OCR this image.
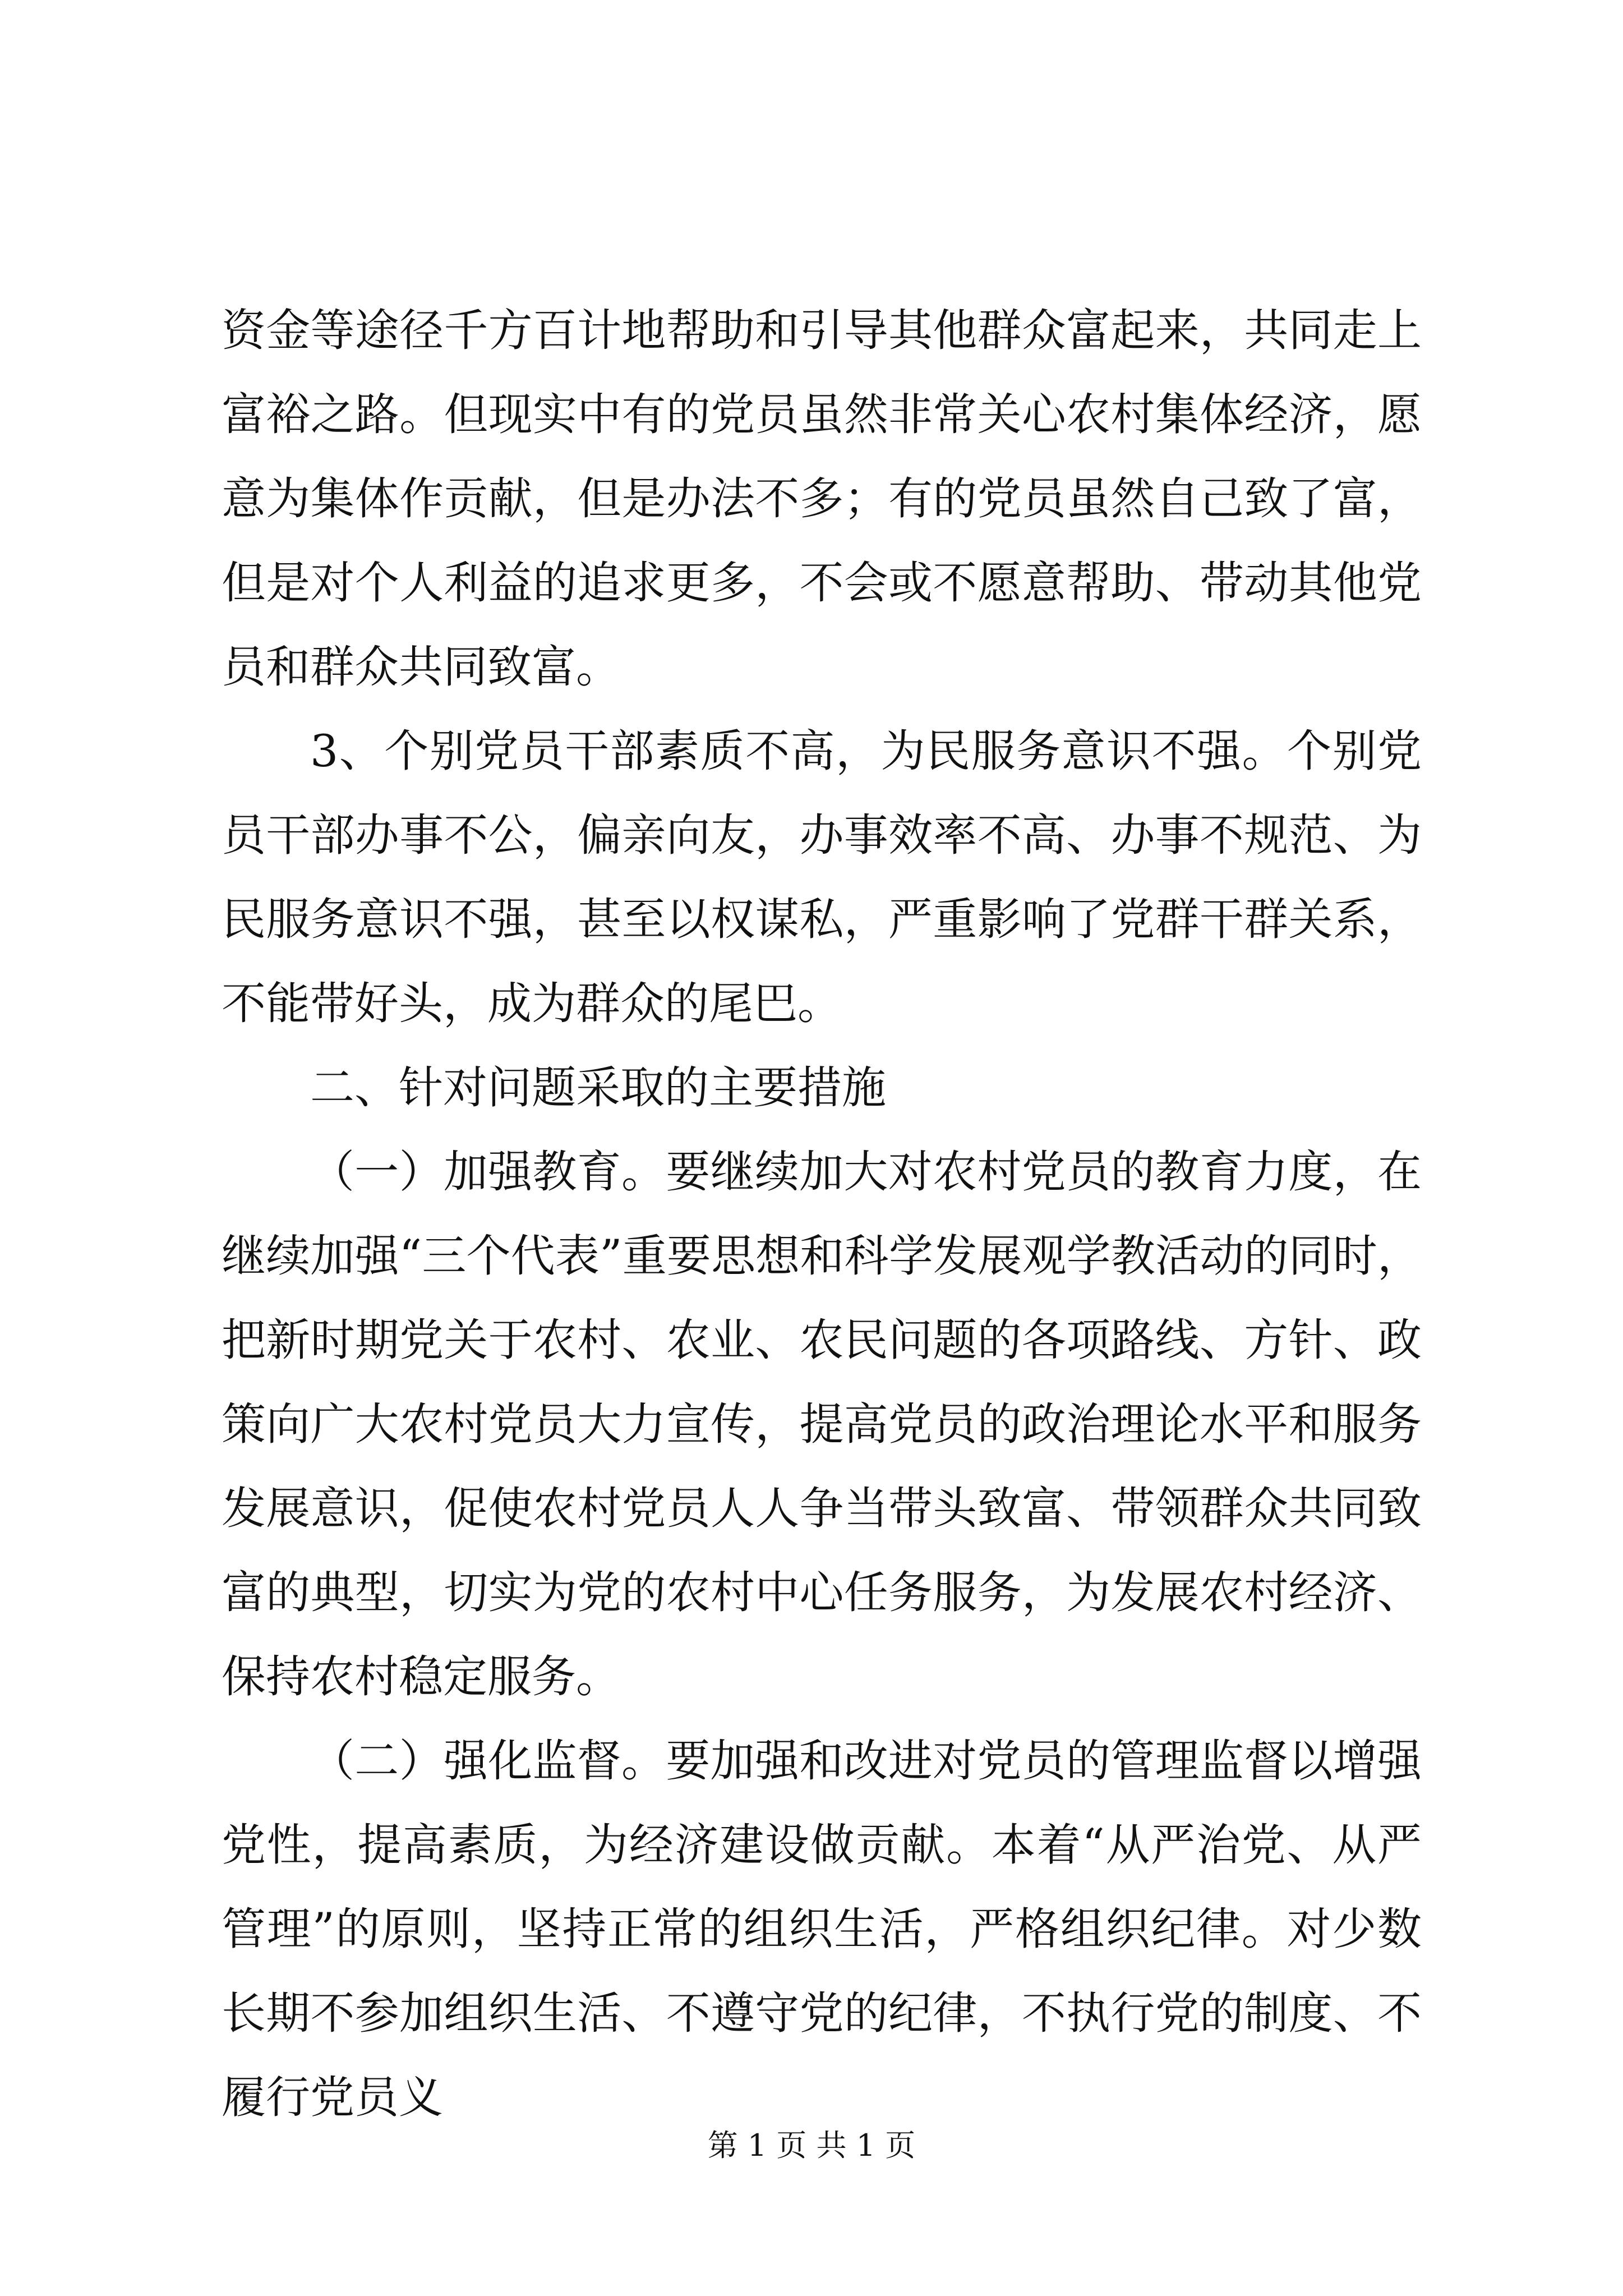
资金等途径千方百计地帮助和引导其他群众富起来，共同走上富裕之路。但现实中有的党员虽然非常关心农村集体经济，愿意为集体作贡献，但是办法不多；有的党员虽然自己致了富，但是对个人利益的追求更多，不会或不愿意帮助、带动其他党员和群众共同致富。

3、个别党员干部素质不高，为民服务意识不强。个别党员干部办事不公，偏亲向友，办事效率不高、办事不规范、为民服务意识不强，甚至以权谋私，严重影响了党群干群关系，不能带好头，成为群众的尾巴。

二、针对问题采取的主要措施

（一）加强教育。要继续加大对农村党员的教育力度，在继续加强“三个代表”重要思想和科学发展观学教活动的同时，把新时期党关于农村、农业、农民问题的各项路线、方针、政策向广大农村党员大力宣传，提高党员的政治理论水平和服务发展意识，促使农村党员人人争当带头致富、带领群众共同致富的典型，切实为党的农村中心任务服务，为发展农村经济、保持农村稳定服务。

（二）强化监督。要加强和改进对党员的管理监督以增强党性，提高素质，为经济建设做贡献。本着“从严治党、从严管理”的原则，坚持正常的组织生活，严格组织纪律。对少数长期不参加组织生活、不遵守党的纪律，不执行党的制度、不履行党员义

第 1 页 共 1 页
